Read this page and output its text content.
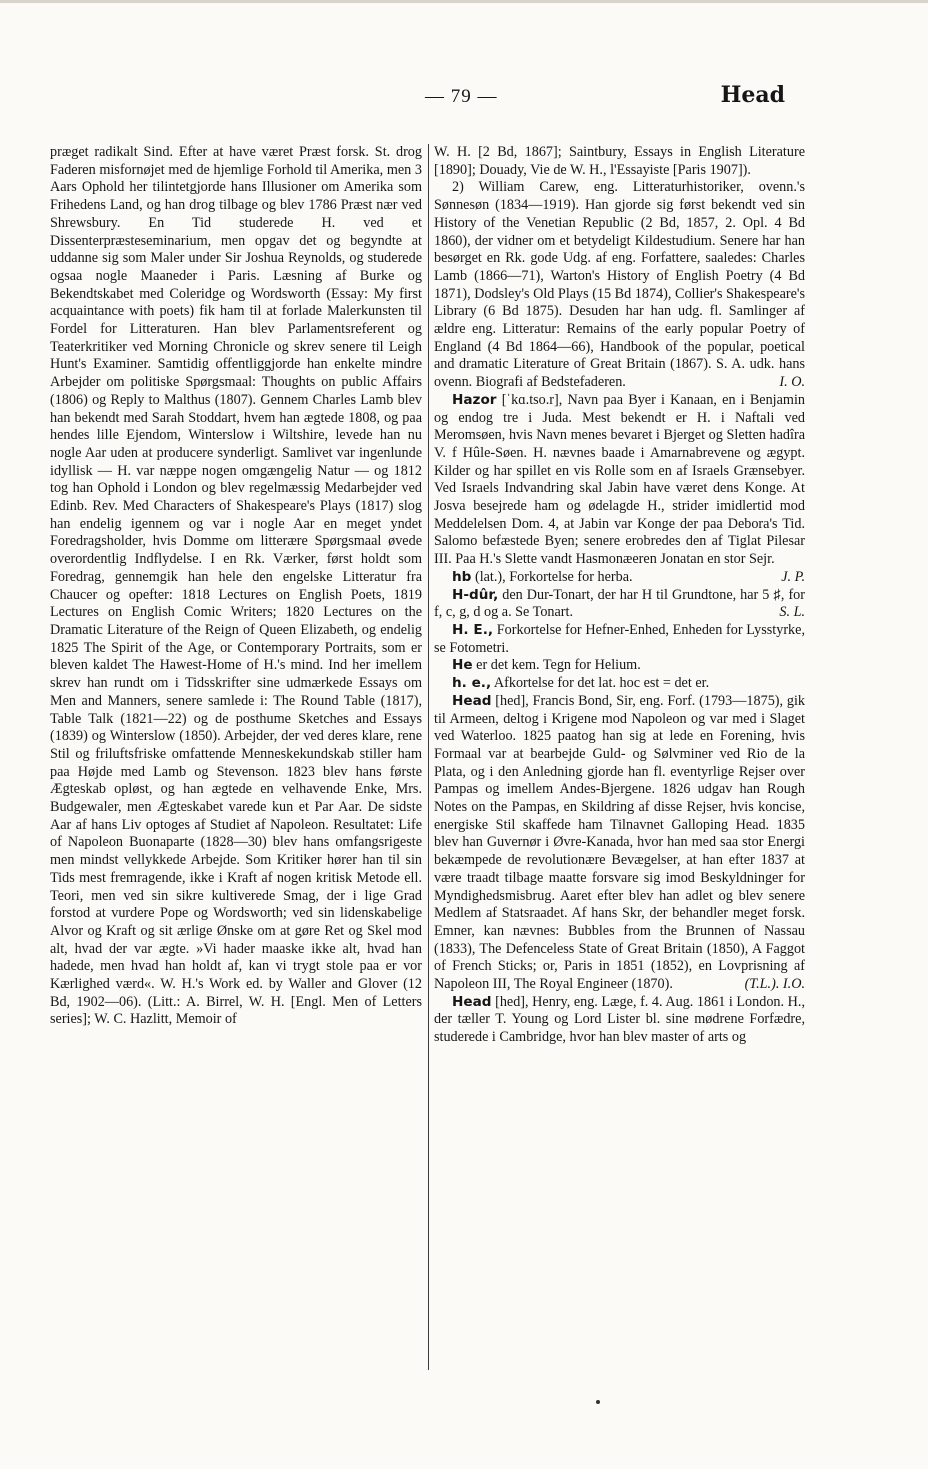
— 79 —	Head

præget radikalt Sind. Efter at have været Præst forsk. St. drog Faderen misfornøjet med de hjemlige Forhold til Amerika, men 3 Aars Ophold her tilintetgjorde hans Illusioner om Amerika som Frihedens Land, og han drog tilbage og blev 1786 Præst nær ved Shrewsbury. En Tid studerede H. ved et Dissenterpræsteseminarium, men opgav det og begyndte at uddanne sig som Maler under Sir Joshua Reynolds, og studerede ogsaa nogle Maaneder i Paris. Læsning af Burke og Bekendtskabet med Coleridge og Wordsworth (Essay: My first acquaintance with poets) fik ham til at forlade Malerkunsten til Fordel for Litteraturen. Han blev Parlamentsreferent og Teaterkritiker ved Morning Chronicle og skrev senere til Leigh Hunt's Examiner. Samtidig offentliggjorde han enkelte mindre Arbejder om politiske Spørgsmaal: Thoughts on public Affairs (1806) og Reply to Malthus (1807). Gennem Charles Lamb blev han bekendt med Sarah Stoddart, hvem han ægtede 1808, og paa hendes lille Ejendom, Winterslow i Wiltshire, levede han nu nogle Aar uden at producere synderligt. Samlivet var ingenlunde idyllisk — H. var næppe nogen omgængelig Natur — og 1812 tog han Ophold i London og blev regelmæssig Medarbejder ved Edinb. Rev. Med Characters of Shakespeare's Plays (1817) slog han endelig igennem og var i nogle Aar en meget yndet Foredragsholder, hvis Domme om litterære Spørgsmaal øvede overordentlig Indflydelse. I en Rk. Værker, først holdt som Foredrag, gennemgik han hele den engelske Litteratur fra Chaucer og opefter: 1818 Lectures on English Poets, 1819 Lectures on English Comic Writers; 1820 Lectures on the Dramatic Literature of the Reign of Queen Elizabeth, og endelig 1825 The Spirit of the Age, or Contemporary Portraits, som er bleven kaldet The Hawest-Home of H.'s mind. Ind her imellem skrev han rundt om i Tidsskrifter sine udmærkede Essays om Men and Manners, senere samlede i: The Round Table (1817), Table Talk (1821—22) og de posthume Sketches and Essays (1839) og Winterslow (1850). Arbejder, der ved deres klare, rene Stil og friluftsfriske omfattende Menneskekundskab stiller ham paa Højde med Lamb og Stevenson. 1823 blev hans første Ægteskab opløst, og han ægtede en velhavende Enke, Mrs. Budgewaler, men Ægteskabet varede kun et Par Aar. De sidste Aar af hans Liv optoges af Studiet af Napoleon. Resultatet: Life of Napoleon Buonaparte (1828—30) blev hans omfangsrigeste men mindst vellykkede Arbejde. Som Kritiker hører han til sin Tids mest fremragende, ikke i Kraft af nogen kritisk Metode ell. Teori, men ved sin sikre kultiverede Smag, der i lige Grad forstod at vurdere Pope og Wordsworth; ved sin lidenskabelige Alvor og Kraft og sit ærlige Ønske om at gøre Ret og Skel mod alt, hvad der var ægte. »Vi hader maaske ikke alt, hvad han hadede, men hvad han holdt af, kan vi trygt stole paa er vor Kærlighed værd«. W. H.'s Work ed. by Waller and Glover (12 Bd, 1902—06). (Litt.: A. Birrel, W. H. [Engl. Men of Letters series]; W. C. Hazlitt, Memoir of

W. H. [2 Bd, 1867]; Saintbury, Essays in English Literature [1890]; Douady, Vie de W. H., l'Essayiste [Paris 1907]).

2) William Carew, eng. Litteraturhistoriker, ovenn.'s Sønnesøn (1834—1919). Han gjorde sig først bekendt ved sin History of the Venetian Republic (2 Bd, 1857, 2. Opl. 4 Bd 1860), der vidner om et betydeligt Kildestudium. Senere har han besørget en Rk. gode Udg. af eng. Forfattere, saaledes: Charles Lamb (1866—71), Warton's History of English Poetry (4 Bd 1871), Dodsley's Old Plays (15 Bd 1874), Collier's Shakespeare's Library (6 Bd 1875). Desuden har han udg. fl. Samlinger af ældre eng. Litteratur: Remains of the early popular Poetry of England (4 Bd 1864—66), Handbook of the popular, poetical and dramatic Literature of Great Britain (1867). S. A. udk. hans ovenn. Biografi af Bedstefaderen.	I. O.

Hazor [ˈkɑ.tso.r], Navn paa Byer i Kanaan, en i Benjamin og endog tre i Juda. Mest bekendt er H. i Naftali ved Meromsøen, hvis Navn menes bevaret i Bjerget og Sletten hadîra V. f Hûle-Søen. H. nævnes baade i Amarnabrevene og ægypt. Kilder og har spillet en vis Rolle som en af Israels Grænsebyer. Ved Israels Indvandring skal Jabin have været dens Konge. At Josva besejrede ham og ødelagde H., strider imidlertid mod Meddelelsen Dom. 4, at Jabin var Konge der paa Debora's Tid. Salomo befæstede Byen; senere erobredes den af Tiglat Pilesar III. Paa H.'s Slette vandt Hasmonæeren Jonatan en stor Sejr.
J. P.

hb (lat.), Forkortelse for herba.

H-dûr, den Dur-Tonart, der har H til Grundtone, har 5 ♯, for f, c, g, d og a. Se Tonart.	S. L.

H. E., Forkortelse for Hefner-Enhed, Enheden for Lysstyrke, se Fotometri.

He er det kem. Tegn for Helium.

h. e., Afkortelse for det lat. hoc est = det er.

Head [hed], Francis Bond, Sir, eng. Forf. (1793—1875), gik til Armeen, deltog i Krigene mod Napoleon og var med i Slaget ved Waterloo. 1825 paatog han sig at lede en Forening, hvis Formaal var at bearbejde Guld- og Sølvminer ved Rio de la Plata, og i den Anledning gjorde han fl. eventyrlige Rejser over Pampas og imellem Andes-Bjergene. 1826 udgav han Rough Notes on the Pampas, en Skildring af disse Rejser, hvis koncise, energiske Stil skaffede ham Tilnavnet Galloping Head. 1835 blev han Guvernør i Øvre-Kanada, hvor han med saa stor Energi bekæmpede de revolutionære Bevægelser, at han efter 1837 at være traadt tilbage maatte forsvare sig imod Beskyldninger for Myndighedsmisbrug. Aaret efter blev han adlet og blev senere Medlem af Statsraadet. Af hans Skr, der behandler meget forsk. Emner, kan nævnes: Bubbles from the Brunnen of Nassau (1833), The Defenceless State of Great Britain (1850), A Faggot of French Sticks; or, Paris in 1851 (1852), en Lovprisning af Napoleon III, The Royal Engineer (1870).	(T.L.). I.O.

Head [hed], Henry, eng. Læge, f. 4. Aug. 1861 i London. H., der tæller T. Young og Lord Lister bl. sine mødrene Forfædre, studerede i Cambridge, hvor han blev master of arts og
